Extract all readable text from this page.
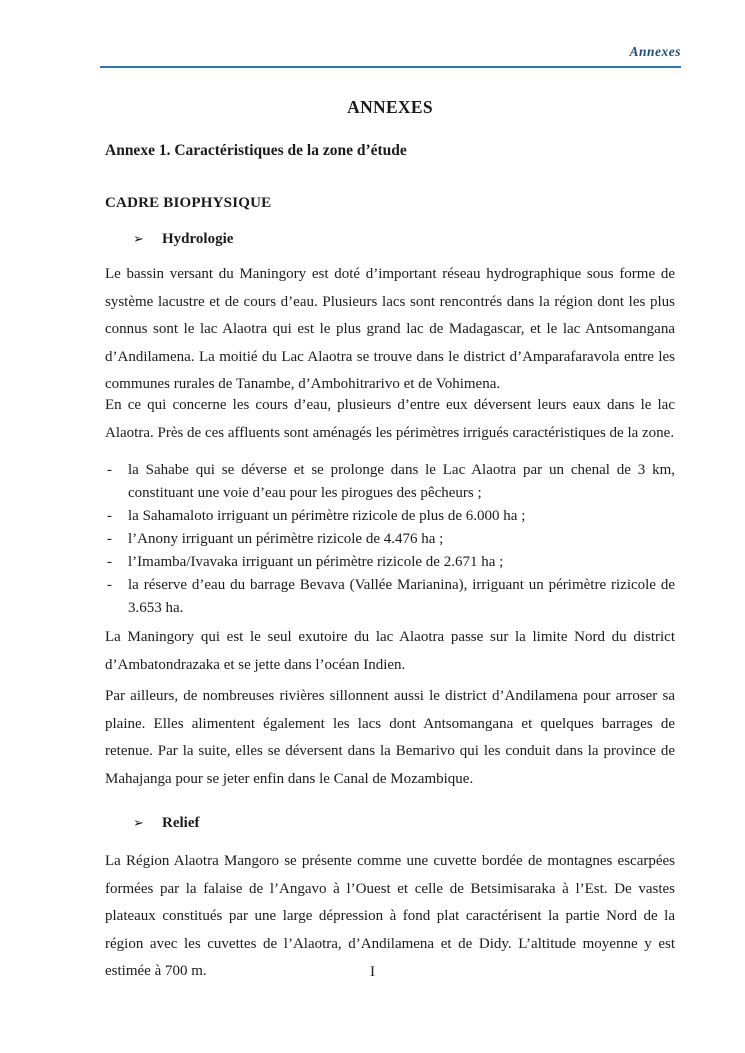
Annexes
ANNEXES
Annexe 1. Caractéristiques de la zone d’étude
CADRE BIOPHYSIQUE
➢ Hydrologie
Le bassin versant du Maningory est doté d’important réseau hydrographique sous forme de système lacustre et de cours d’eau. Plusieurs lacs sont rencontrés dans la région dont les plus connus sont le lac Alaotra qui est le plus grand lac de Madagascar, et le lac Antsomangana d’Andilamena. La moitié du Lac Alaotra se trouve dans le district d’Amparafaravola entre les communes rurales de Tanambe, d’Ambohitrarivo et de Vohimena.
En ce qui concerne les cours d’eau, plusieurs d’entre eux déversent leurs eaux dans le lac Alaotra. Près de ces affluents sont aménagés les périmètres irrigués caractéristiques de la zone.
- la Sahabe qui se déverse et se prolonge dans le Lac Alaotra par un chenal de 3 km, constituant une voie d’eau pour les pirogues des pêcheurs ;
- la Sahamaloto irriguant un périmètre rizicole de plus de 6.000 ha ;
- l’Anony irriguant un périmètre rizicole de 4.476 ha ;
- l’Imamba/Ivavaka irriguant un périmètre rizicole de 2.671 ha ;
- la réserve d’eau du barrage Bevava (Vallée Marianina), irriguant un périmètre rizicole de 3.653 ha.
La Maningory qui est le seul exutoire du lac Alaotra passe sur la limite Nord du district d’Ambatondrazaka et se jette dans l’océan Indien.
Par ailleurs, de nombreuses rivières sillonnent aussi le district d’Andilamena pour arroser sa plaine. Elles alimentent également les lacs dont Antsomangana et quelques barrages de retenue. Par la suite, elles se déversent dans la Bemarivo qui les conduit dans la province de Mahajanga pour se jeter enfin dans le Canal de Mozambique.
➢ Relief
La Région Alaotra Mangoro se présente comme une cuvette bordée de montagnes escarpées formées par la falaise de l’Angavo à l’Ouest et celle de Betsimisaraka à l’Est. De vastes plateaux constitués par une large dépression à fond plat caractérisent la partie Nord de la région avec les cuvettes de l’Alaotra, d’Andilamena et de Didy. L’altitude moyenne y est estimée à 700 m.	I
